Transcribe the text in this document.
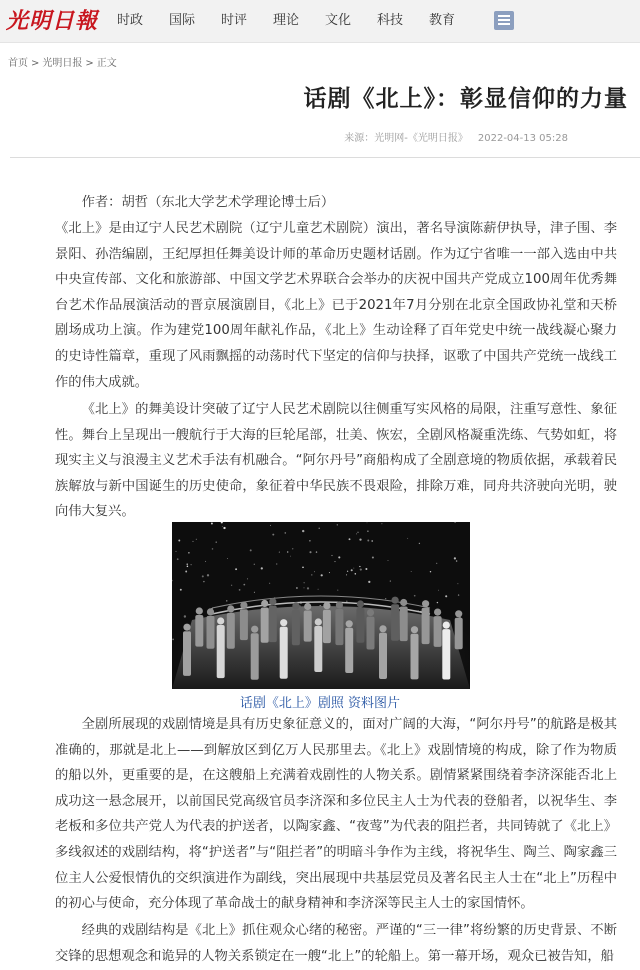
光明日報	时政	国际	时评	理论	文化	科技	教育
首页 > 光明日报 > 正文
话剧《北上》：彰显信仰的力量
来源：光明网-《光明日报》 2022-04-13 05:28

作者：胡哲（东北大学艺术学理论博士后）

《北上》是由辽宁人民艺术剧院（辽宁儿童艺术剧院）演出，著名导演陈薪伊执导，津子围、李景阳、孙浩编剧，王纪厚担任舞美设计师的革命历史题材话剧。作为辽宁省唯一一部入选由中共中央宣传部、文化和旅游部、中国文学艺术界联合会举办的庆祝中国共产党成立100周年优秀舞台艺术作品展演活动的晋京展演剧目，《北上》已于2021年7月分别在北京全国政协礼堂和天桥剧场成功上演。作为建党100周年献礼作品，《北上》生动诠释了百年党史中统一战线凝心聚力的史诗性篇章，重现了风雨飘摇的动荡时代下坚定的信仰与抉择，讴歌了中国共产党统一战线工作的伟大成就。

《北上》的舞美设计突破了辽宁人民艺术剧院以往侧重写实风格的局限，注重写意性、象征性。舞台上呈现出一艘航行于大海的巨轮尾部，壮美、恢宏，全剧风格凝重洗练、气势如虹，将现实主义与浪漫主义艺术手法有机融合。“阿尔丹号”商船构成了全剧意境的物质依据，承载着民族解放与新中国诞生的历史使命，象征着中华民族不畏艰险，排除万难，同舟共济驶向光明，驶向伟大复兴。

话剧《北上》剧照 资料图片

全剧所展现的戏剧情境是具有历史象征意义的，面对广阔的大海，“阿尔丹号”的航路是极其准确的，那就是北上——到解放区到亿万人民那里去。《北上》戏剧情境的构成，除了作为物质的船以外，更重要的是，在这艘船上充满着戏剧性的人物关系。剧情紧紧围绕着李济深能否北上成功这一悬念展开，以前国民党高级官员李济深和多位民主人士为代表的登船者，以祝华生、李老板和多位共产党人为代表的护送者，以陶家鑫、“夜莺”为代表的阻拦者，共同铸就了《北上》多线叙述的戏剧结构，将“护送者”与“阻拦者”的明暗斗争作为主线，将祝华生、陶兰、陶家鑫三位主人公爱恨情仇的交织演进作为副线，突出展现中共基层党员及著名民主人士在“北上”历程中的初心与使命，充分体现了革命战士的献身精神和李济深等民主人士的家国情怀。

经典的戏剧结构是《北上》抓住观众心绪的秘密。严谨的“三一律”将纷繁的历史背景、不断交锋的思想观念和诡异的人物关系锁定在一艘“北上”的轮船上。第一幕开场，观众已被告知，船
